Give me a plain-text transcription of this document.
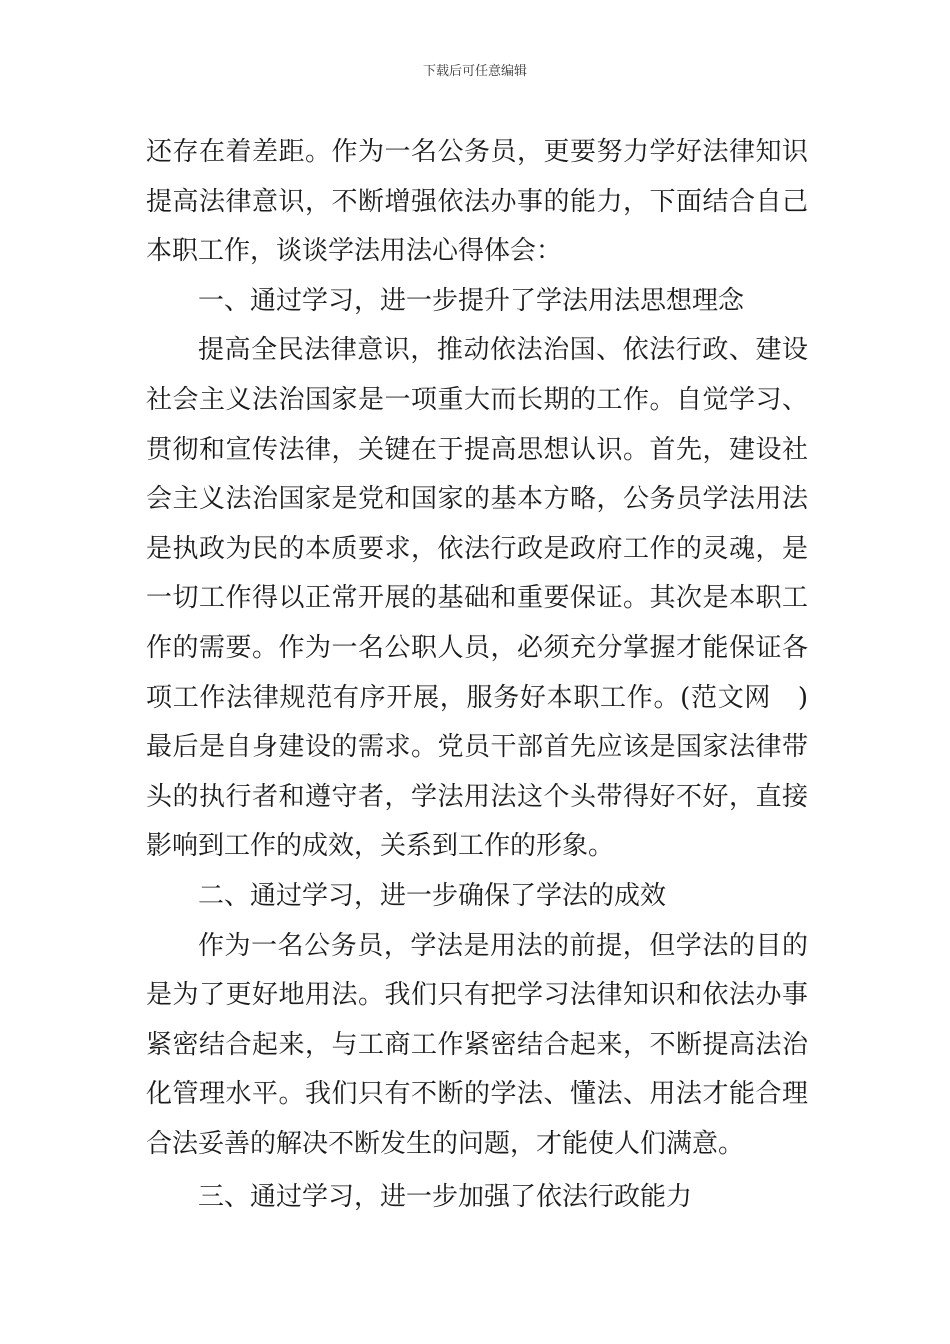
下载后可任意编辑
还存在着差距。作为一名公务员，更要努力学好法律知识
提高法律意识，不断增强依法办事的能力，下面结合自己
本职工作，谈谈学法用法心得体会：
一、通过学习，进一步提升了学法用法思想理念
提高全民法律意识，推动依法治国、依法行政、建设
社会主义法治国家是一项重大而长期的工作。自觉学习、
贯彻和宣传法律，关键在于提高思想认识。首先，建设社
会主义法治国家是党和国家的基本方略，公务员学法用法
是执政为民的本质要求，依法行政是政府工作的灵魂，是
一切工作得以正常开展的基础和重要保证。其次是本职工
作的需要。作为一名公职人员，必须充分掌握才能保证各
项工作法律规范有序开展，服务好本职工作。(范文网　)
最后是自身建设的需求。党员干部首先应该是国家法律带
头的执行者和遵守者，学法用法这个头带得好不好，直接
影响到工作的成效，关系到工作的形象。
二、通过学习，进一步确保了学法的成效
作为一名公务员，学法是用法的前提，但学法的目的
是为了更好地用法。我们只有把学习法律知识和依法办事
紧密结合起来，与工商工作紧密结合起来，不断提高法治
化管理水平。我们只有不断的学法、懂法、用法才能合理
合法妥善的解决不断发生的问题，才能使人们满意。
三、通过学习，进一步加强了依法行政能力
